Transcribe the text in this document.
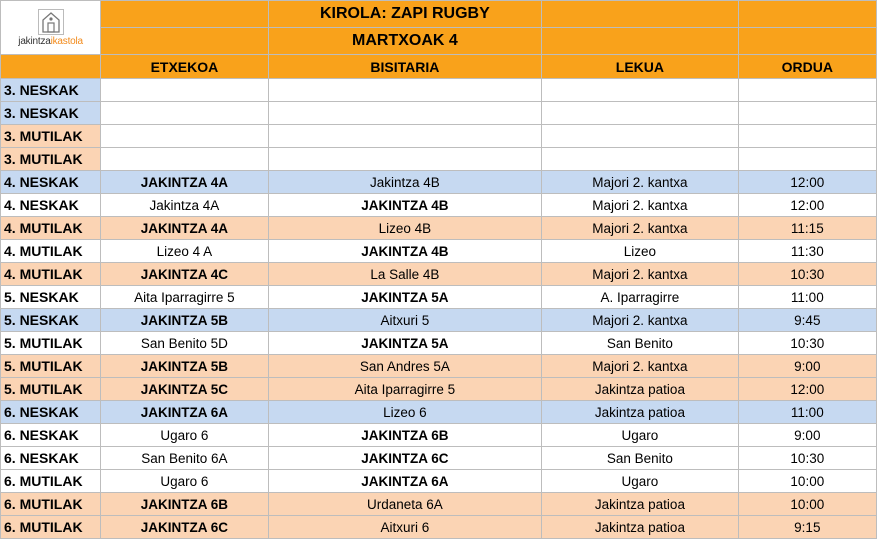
jakintzaikastola		KIROLA: ZAPI RUGBY		
		MARTXOAK 4		
	ETXEKOA	BISITARIA	LEKUA	ORDUA
3. NESKAK				
3. NESKAK				
3. MUTILAK				
3. MUTILAK				
4. NESKAK	JAKINTZA 4A	Jakintza 4B	Majori 2. kantxa	12:00
4. NESKAK	Jakintza 4A	JAKINTZA 4B	Majori 2. kantxa	12:00
4. MUTILAK	JAKINTZA 4A	Lizeo 4B	Majori 2. kantxa	11:15
4. MUTILAK	Lizeo 4 A	JAKINTZA 4B	Lizeo	11:30
4. MUTILAK	JAKINTZA 4C	La Salle 4B	Majori 2. kantxa	10:30
5. NESKAK	Aita Iparragirre 5	JAKINTZA 5A	A. Iparragirre	11:00
5. NESKAK	JAKINTZA 5B	Aitxuri 5	Majori 2. kantxa	9:45
5. MUTILAK	San Benito 5D	JAKINTZA 5A	San Benito	10:30
5. MUTILAK	JAKINTZA 5B	San Andres 5A	Majori 2. kantxa	9:00
5. MUTILAK	JAKINTZA 5C	Aita Iparragirre 5	Jakintza patioa	12:00
6. NESKAK	JAKINTZA 6A	Lizeo 6	Jakintza patioa	11:00
6. NESKAK	Ugaro 6	JAKINTZA 6B	Ugaro	9:00
6. NESKAK	San Benito 6A	JAKINTZA 6C	San Benito	10:30
6. MUTILAK	Ugaro 6	JAKINTZA 6A	Ugaro	10:00
6. MUTILAK	JAKINTZA 6B	Urdaneta 6A	Jakintza patioa	10:00
6. MUTILAK	JAKINTZA 6C	Aitxuri 6	Jakintza patioa	9:15
